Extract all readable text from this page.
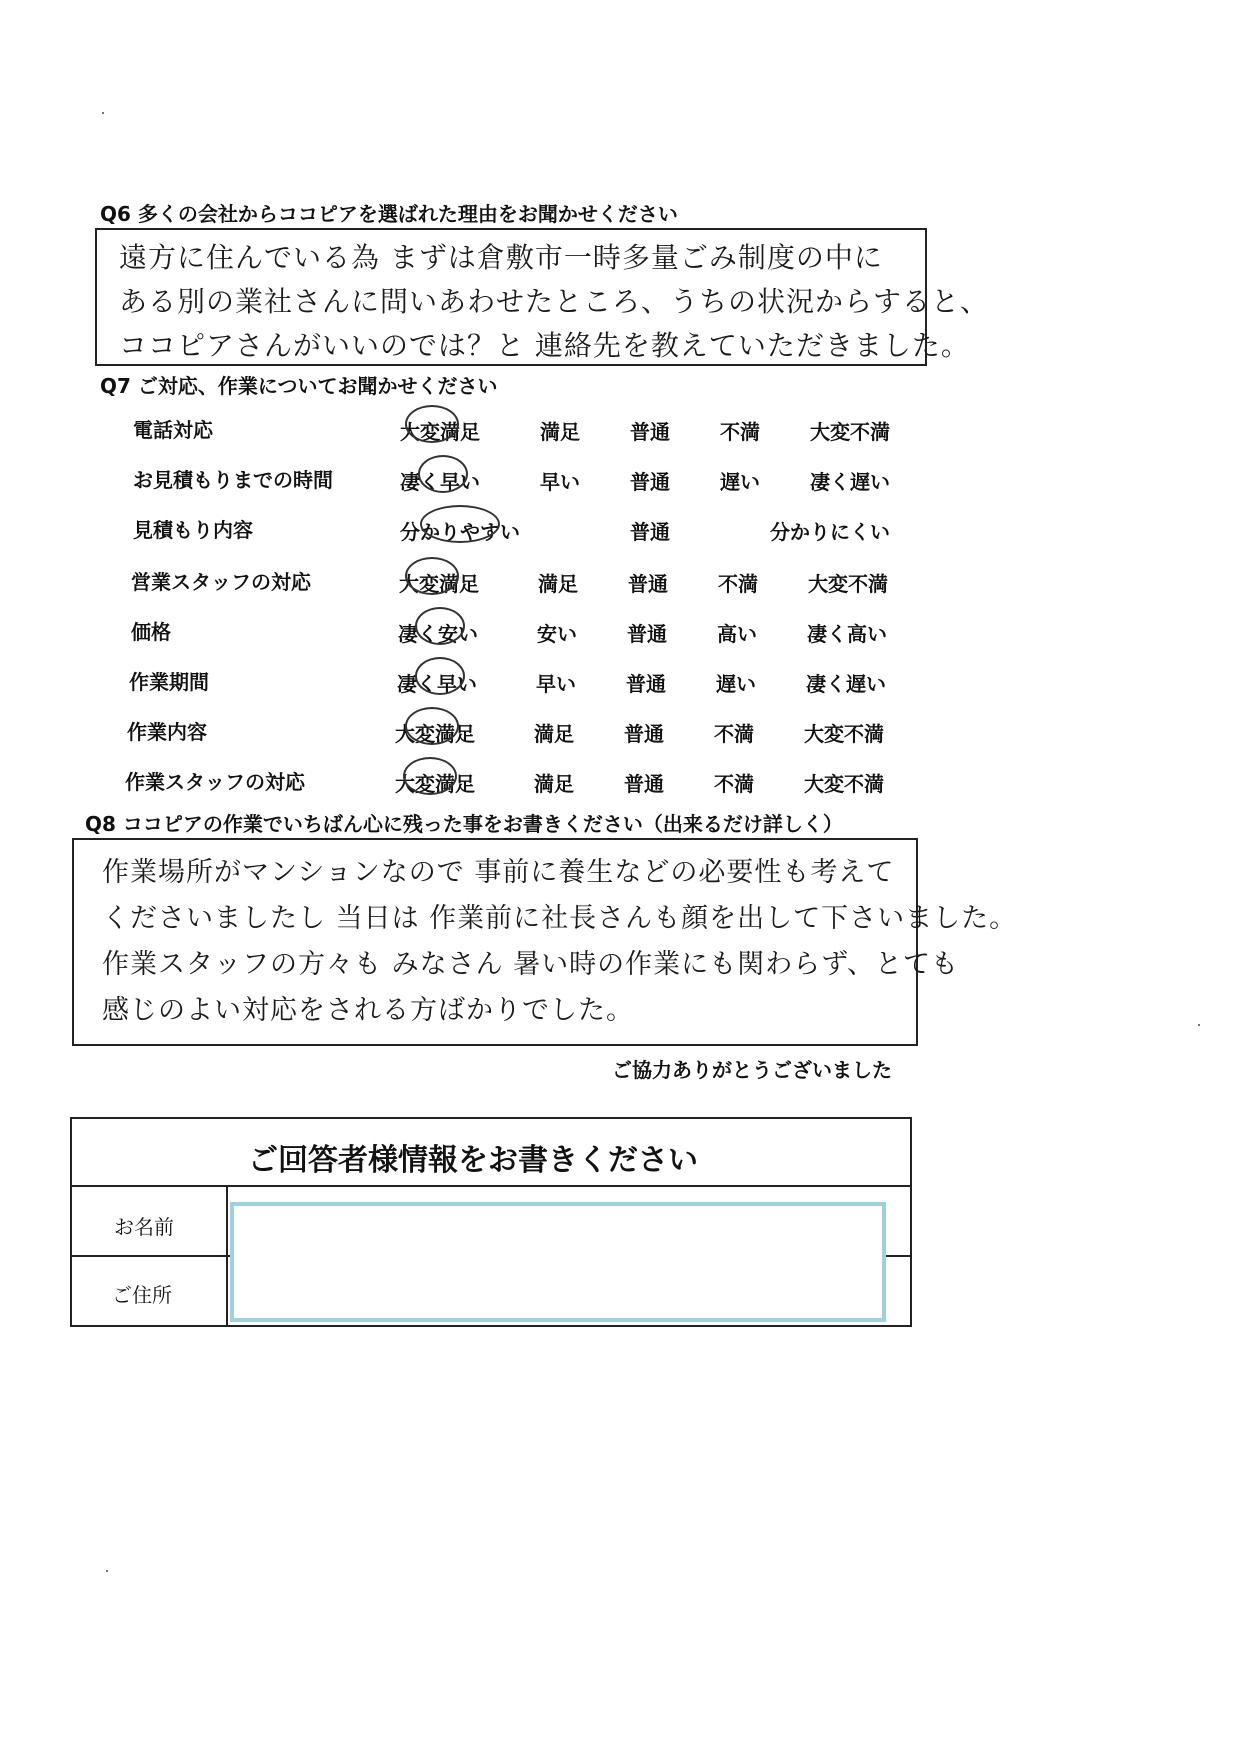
Q6 多くの会社からココピアを選ばれた理由をお聞かせください
遠方に住んでいる為 まずは倉敷市一時多量ごみ制度の中に
ある別の業社さんに問いあわせたところ、うちの状況からすると、
ココピアさんがいいのでは？と 連絡先を教えていただきました。
Q7 ご対応、作業についてお聞かせください
電話対応	大変満足	満足	普通	不満	大変不満
お見積もりまでの時間	凄く早い	早い	普通	遅い	凄く遅い
見積もり内容	分かりやすい	普通	分かりにくい
営業スタッフの対応	大変満足	満足	普通	不満	大変不満
価格	凄く安い	安い	普通	高い	凄く高い
作業期間	凄く早い	早い	普通	遅い	凄く遅い
作業内容	大変満足	満足	普通	不満	大変不満
作業スタッフの対応	大変満足	満足	普通	不満	大変不満
Q8 ココピアの作業でいちばん心に残った事をお書きください（出来るだけ詳しく）
作業場所がマンションなので 事前に養生などの必要性も考えて
くださいましたし 当日は 作業前に社長さんも顔を出して下さいました。
作業スタッフの方々も みなさん 暑い時の作業にも関わらず、とても
感じのよい対応をされる方ばかりでした。
ご協力ありがとうございました
ご回答者様情報をお書きください
お名前
ご住所
